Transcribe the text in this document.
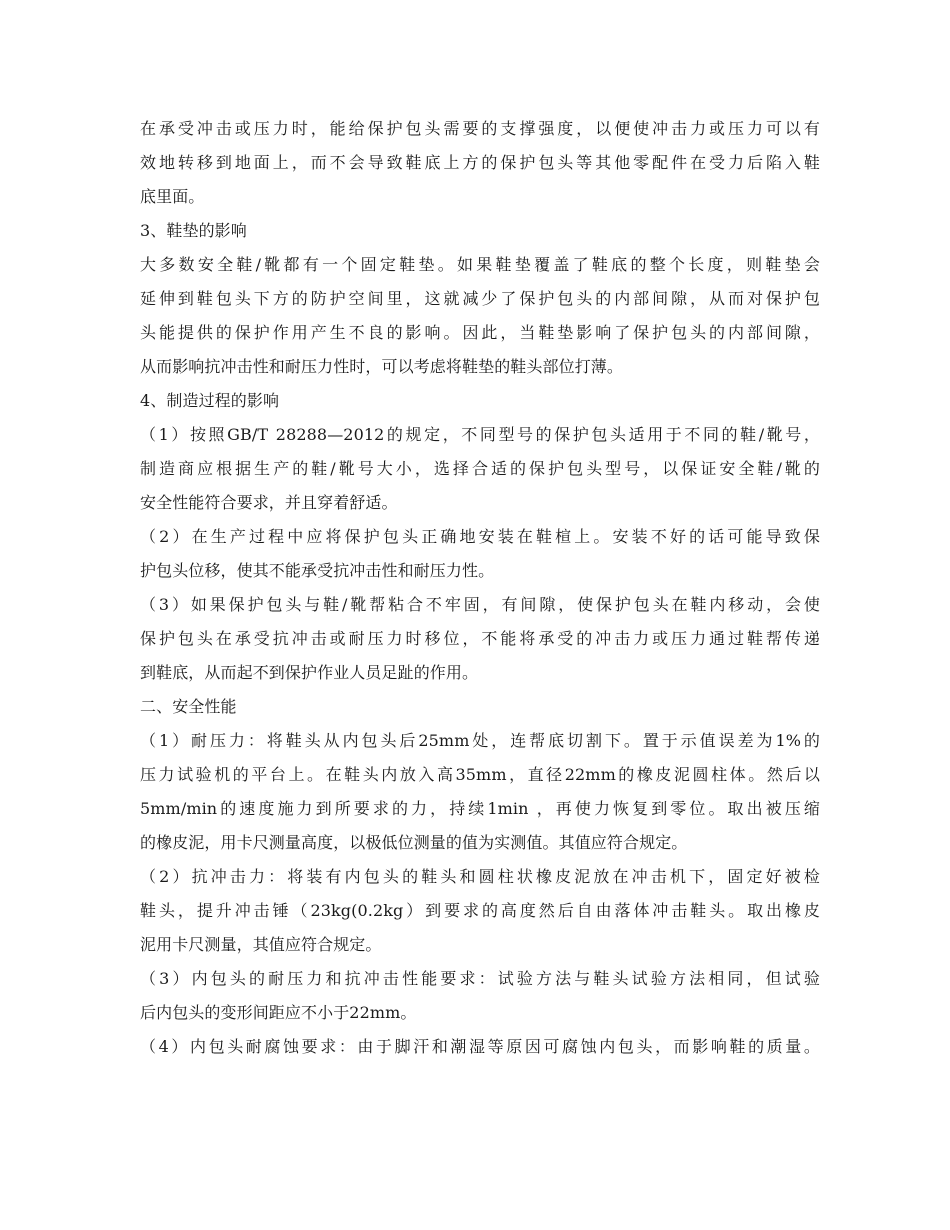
在承受冲击或压力时，能给保护包头需要的支撑强度，以便使冲击力或压力可以有
效地转移到地面上，而不会导致鞋底上方的保护包头等其他零配件在受力后陷入鞋
底里面。
3、鞋垫的影响
大多数安全鞋/靴都有一个固定鞋垫。如果鞋垫覆盖了鞋底的整个长度，则鞋垫会
延伸到鞋包头下方的防护空间里，这就减少了保护包头的内部间隙，从而对保护包
头能提供的保护作用产生不良的影响。因此，当鞋垫影响了保护包头的内部间隙，
从而影响抗冲击性和耐压力性时，可以考虑将鞋垫的鞋头部位打薄。
4、制造过程的影响
（1）按照GB/T 28288—2012的规定，不同型号的保护包头适用于不同的鞋/靴号，
制造商应根据生产的鞋/靴号大小，选择合适的保护包头型号，以保证安全鞋/靴的
安全性能符合要求，并且穿着舒适。
（2）在生产过程中应将保护包头正确地安装在鞋楦上。安装不好的话可能导致保
护包头位移，使其不能承受抗冲击性和耐压力性。
（3）如果保护包头与鞋/靴帮粘合不牢固，有间隙，使保护包头在鞋内移动，会使
保护包头在承受抗冲击或耐压力时移位，不能将承受的冲击力或压力通过鞋帮传递
到鞋底，从而起不到保护作业人员足趾的作用。
二、安全性能
（1）耐压力：将鞋头从内包头后25mm处，连帮底切割下。置于示值误差为1%的
压力试验机的平台上。在鞋头内放入高35mm，直径22mm的橡皮泥圆柱体。然后以
5mm/min的速度施力到所要求的力，持续1min ，再使力恢复到零位。取出被压缩
的橡皮泥，用卡尺测量高度，以极低位测量的值为实测值。其值应符合规定。
（2）抗冲击力：将装有内包头的鞋头和圆柱状橡皮泥放在冲击机下，固定好被检
鞋头，提升冲击锤（23kg(0.2kg）到要求的高度然后自由落体冲击鞋头。取出橡皮
泥用卡尺测量，其值应符合规定。
（3）内包头的耐压力和抗冲击性能要求：试验方法与鞋头试验方法相同，但试验
后内包头的变形间距应不小于22mm。
（4）内包头耐腐蚀要求：由于脚汗和潮湿等原因可腐蚀内包头，而影响鞋的质量。
